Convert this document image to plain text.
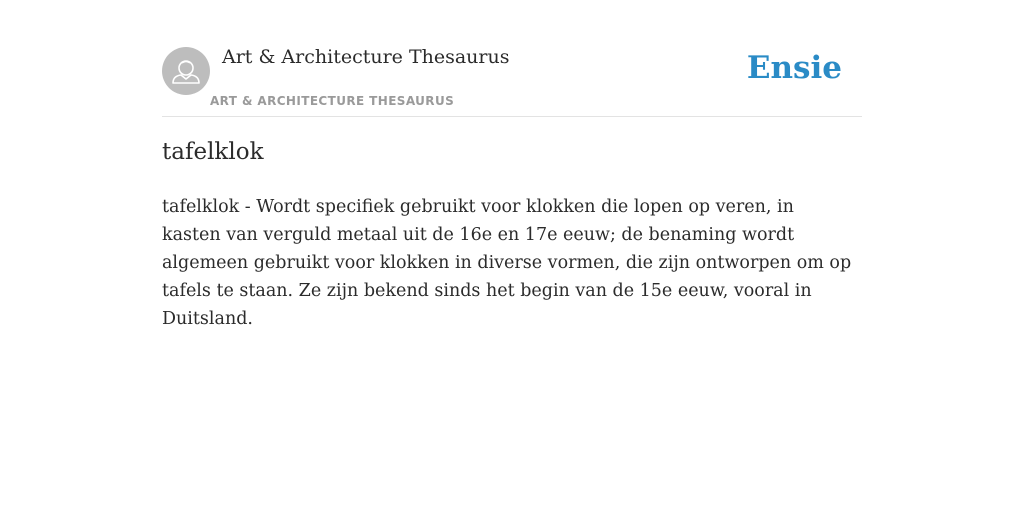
Art & Architecture Thesaurus
ART & ARCHITECTURE THESAURUS
Ensie
tafelklok

tafelklok - Wordt specifiek gebruikt voor klokken die lopen op veren, in kasten van verguld metaal uit de 16e en 17e eeuw; de benaming wordt algemeen gebruikt voor klokken in diverse vormen, die zijn ontworpen om op tafels te staan. Ze zijn bekend sinds het begin van de 15e eeuw, vooral in Duitsland.
